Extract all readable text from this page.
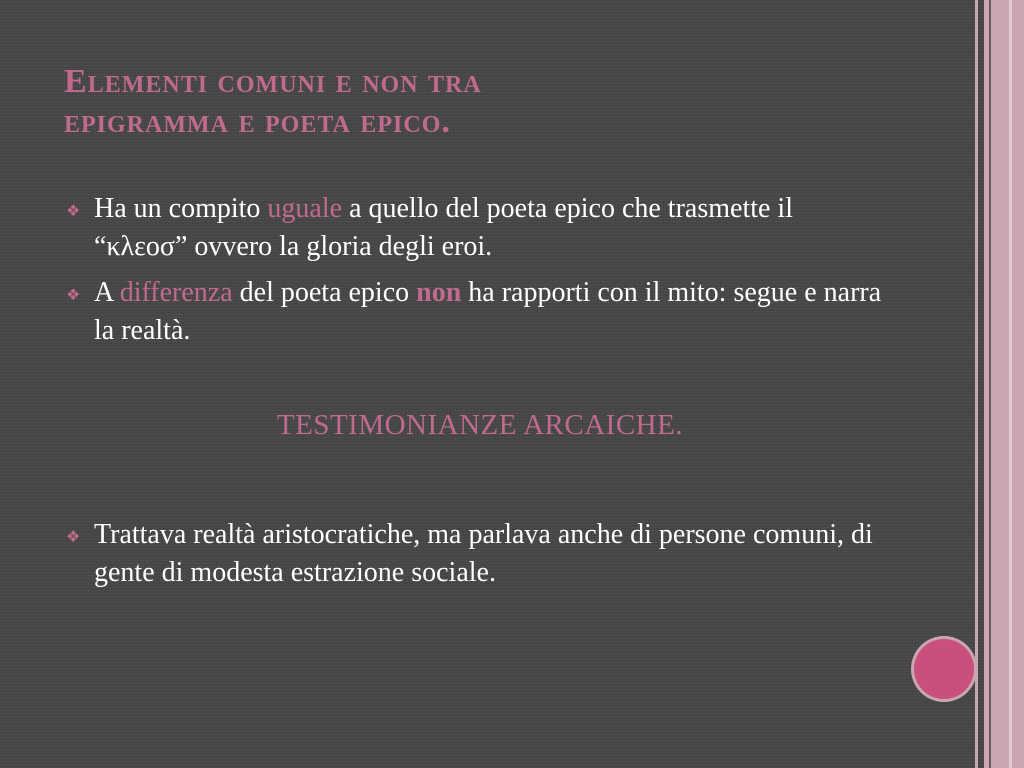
Elementi comuni e non tra
epigramma e poeta epico.
❖ Ha un compito uguale a quello del poeta epico che trasmette il “κλεοσ” ovvero la gloria degli eroi.
❖ A differenza del poeta epico non ha rapporti con il mito: segue e narra la realtà.
TESTIMONIANZE ARCAICHE.
❖ Trattava realtà aristocratiche, ma parlava anche di persone comuni, di gente di modesta estrazione sociale.
